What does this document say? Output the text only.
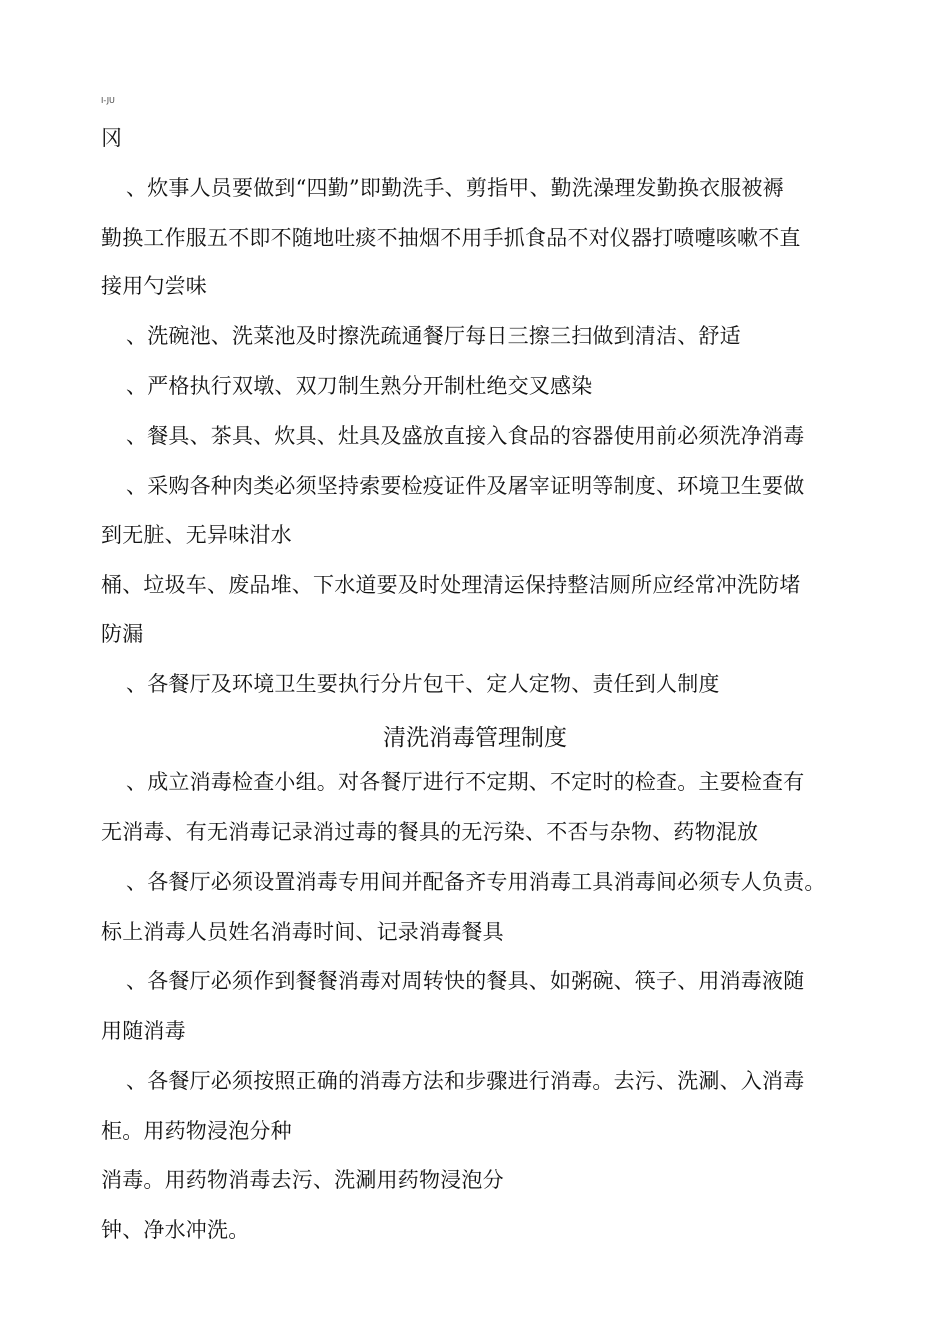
I-JU
冈
、炊事人员要做到“四勤”即勤洗手、剪指甲、勤洗澡理发勤换衣服被褥
勤换工作服五不即不随地吐痰不抽烟不用手抓食品不对仪器打喷嚏咳嗽不直
接用勺尝味
、洗碗池、洗菜池及时擦洗疏通餐厅每日三擦三扫做到清洁、舒适
、严格执行双墩、双刀制生熟分开制杜绝交叉感染
、餐具、茶具、炊具、灶具及盛放直接入食品的容器使用前必须洗净消毒
、采购各种肉类必须坚持索要检疫证件及屠宰证明等制度、环境卫生要做
到无脏、无异味泔水
桶、垃圾车、废品堆、下水道要及时处理清运保持整洁厕所应经常冲洗防堵
防漏
、各餐厅及环境卫生要执行分片包干、定人定物、责任到人制度
清洗消毒管理制度
、成立消毒检查小组。对各餐厅进行不定期、不定时的检查。主要检查有
无消毒、有无消毒记录消过毒的餐具的无污染、不否与杂物、药物混放
、各餐厅必须设置消毒专用间并配备齐专用消毒工具消毒间必须专人负责。
标上消毒人员姓名消毒时间、记录消毒餐具
、各餐厅必须作到餐餐消毒对周转快的餐具、如粥碗、筷子、用消毒液随
用随消毒
、各餐厅必须按照正确的消毒方法和步骤进行消毒。去污、洗涮、入消毒
柜。用药物浸泡分种
消毒。用药物消毒去污、洗涮用药物浸泡分
钟、净水冲洗。
